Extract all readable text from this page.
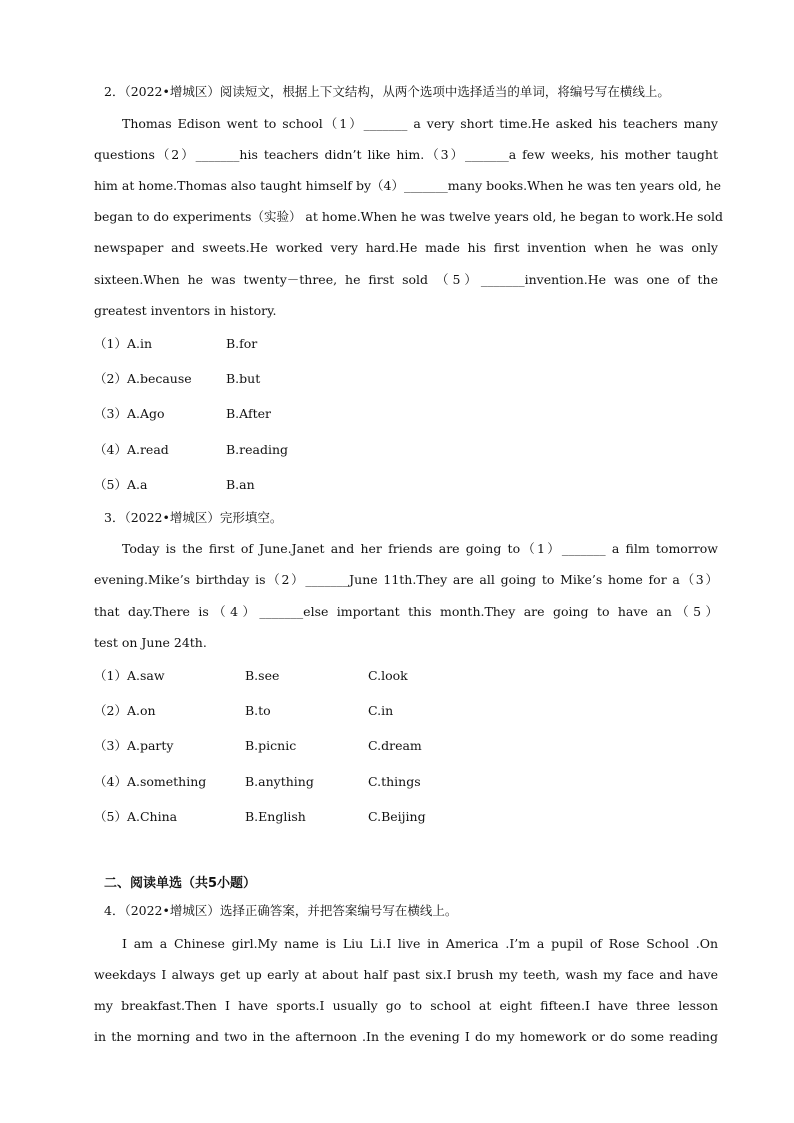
2．（2022•增城区）阅读短文，根据上下文结构，从两个选项中选择适当的单词，将编号写在横线上。
Thomas Edison went to school（1）_______ a very short time.He asked his teachers many
questions（2）_______his teachers didn’t like him.（3）_______a few weeks, his mother taught
him at home.Thomas also taught himself by（4）_______many books.When he was ten years old, he
began to do experiments（实验） at home.When he was twelve years old, he began to work.He sold
newspaper and sweets.He worked very hard.He made his first invention when he was only
sixteen.When he was twenty－three, he first sold （5）_______invention.He was one of the
greatest inventors in history.
（1）A.in	B.for
（2）A.because	B.but
（3）A.Ago	B.After
（4）A.read	B.reading
（5）A.a	B.an
3．（2022•增城区）完形填空。
Today is the first of June.Janet and her friends are going to（1）_______ a film tomorrow
evening.Mike’s birthday is（2）_______June 11th.They are all going to Mike’s home for a（3）
that day.There is（4）_______else important this month.They are going to have an（5）
test on June 24th.
（1）A.saw	B.see	C.look
（2）A.on	B.to	C.in
（3）A.party	B.picnic	C.dream
（4）A.something	B.anything	C.things
（5）A.China	B.English	C.Beijing
二、阅读单选（共5小题）
4．（2022•增城区）选择正确答案，并把答案编号写在横线上。
I am a Chinese girl.My name is Liu Li.I live in America .I’m a pupil of Rose School .On
weekdays I always get up early at about half past six.I brush my teeth, wash my face and have
my breakfast.Then I have sports.I usually go to school at eight fifteen.I have three lesson
in the morning and two in the afternoon .In the evening I do my homework or do some reading
